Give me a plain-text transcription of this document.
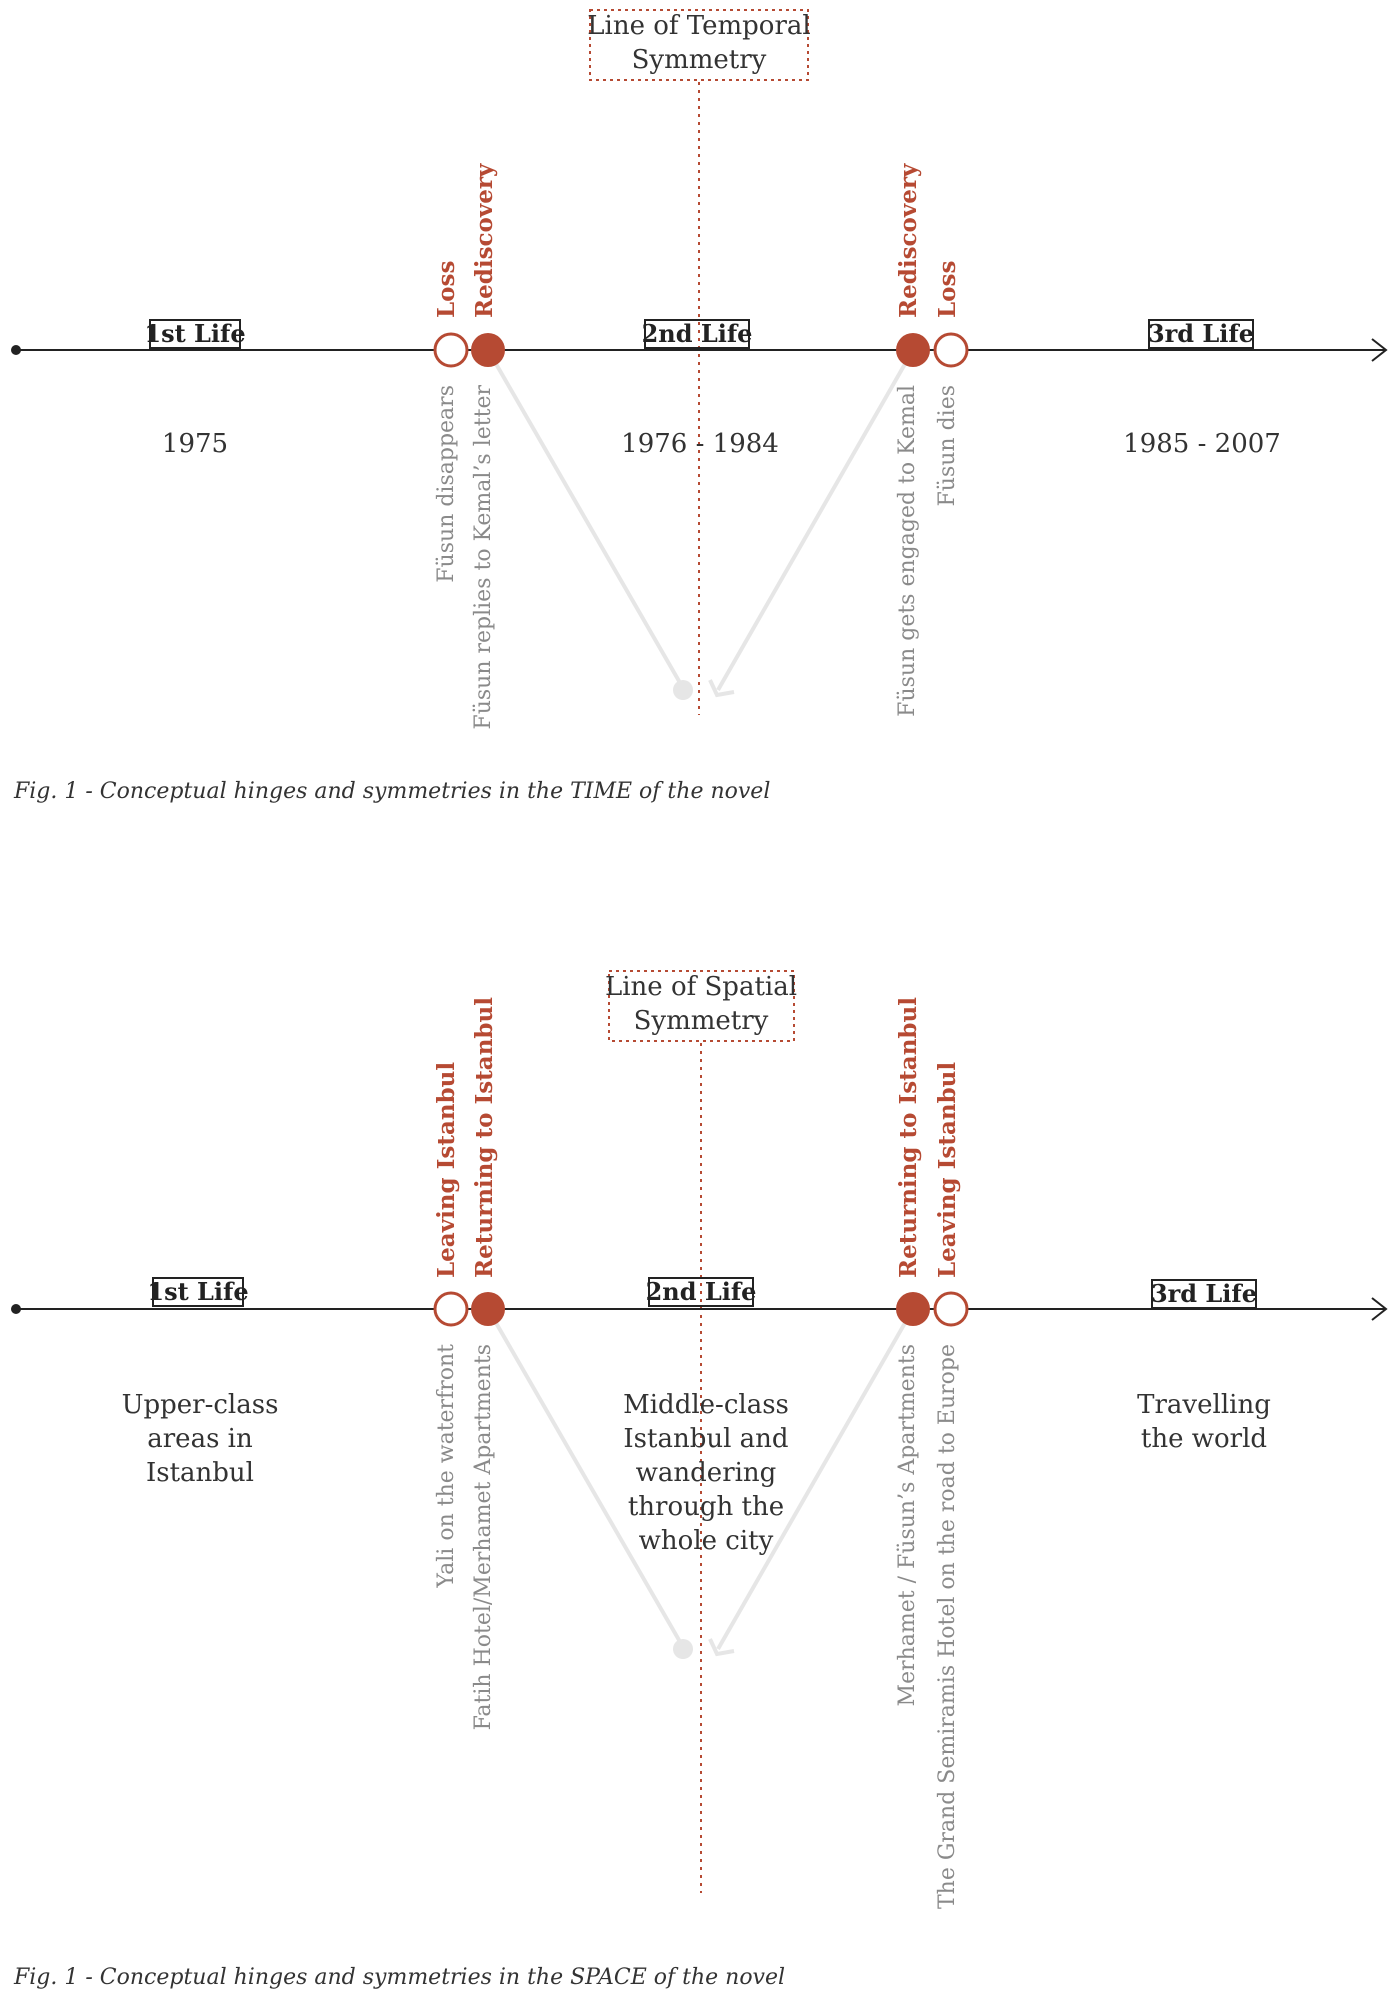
Line of Temporal
Symmetry
1st Life	2nd Life	3rd Life
Loss Rediscovery	Rediscovery Loss
Füsun disappears Füsun replies to Kemal’s letter	Füsun gets engaged to Kemal Füsun dies
1975	1976 - 1984	1985 - 2007
Fig. 1 - Conceptual hinges and symmetries in the TIME of the novel
Line of Spatial
Symmetry
1st Life	2nd Life	3rd Life
Leaving Istanbul Returning to Istanbul	Returning to Istanbul Leaving Istanbul
Yali on the waterfront Fatih Hotel/Merhamet Apartments	Merhamet / Füsun’s Apartments The Grand Semiramis Hotel on the road to Europe
Upper-class
areas in
Istanbul
Middle-class
Istanbul and
wandering
through the
whole city
Travelling
the world
Fig. 1 - Conceptual hinges and symmetries in the SPACE of the novel
